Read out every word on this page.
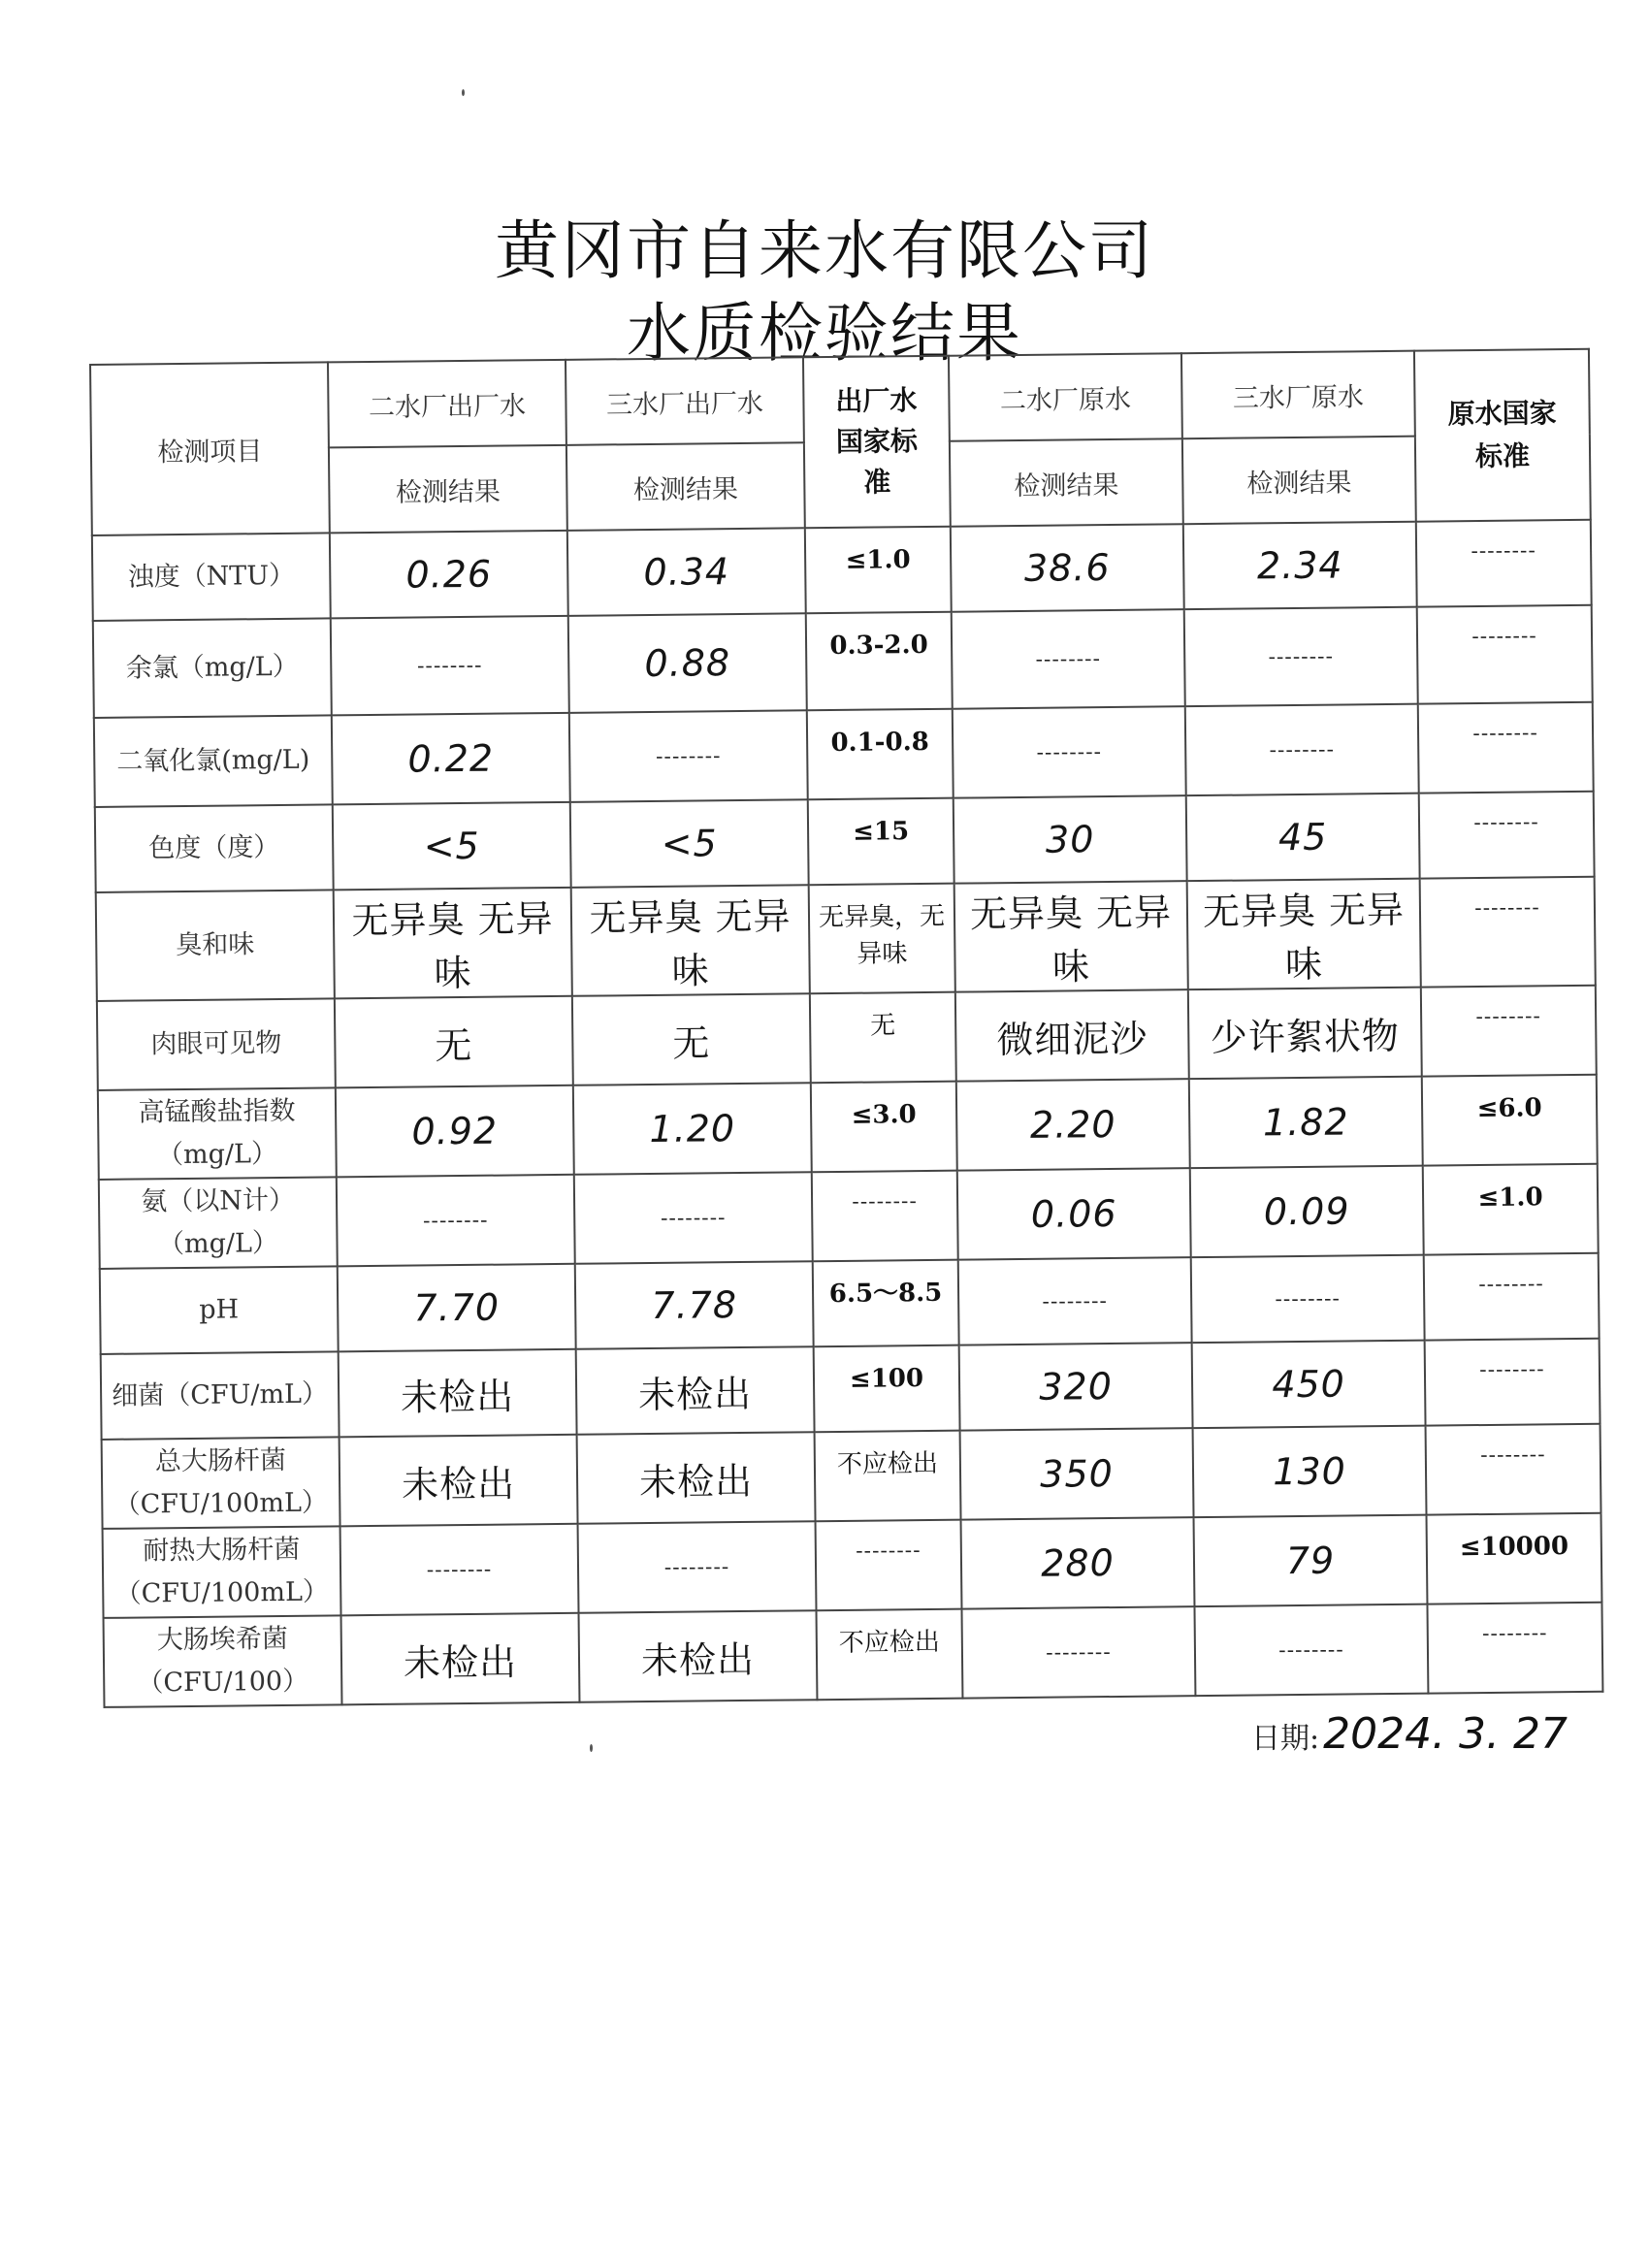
黄冈市自来水有限公司
水质检验结果
检测项目	二水厂出厂水	三水厂出厂水	出厂水国家标准	二水厂原水	三水厂原水	原水国家标准
	检测结果	检测结果		检测结果	检测结果	
浊度（NTU）	0.26	0.34	≤1.0	38.6	2.34	--------
余氯（mg/L）	--------	0.88	0.3-2.0	--------	--------	--------
二氧化氯(mg/L)	0.22	--------	0.1-0.8	--------	--------	--------
色度（度）	<5	<5	≤15	30	45	--------
臭和味	无异臭 无异味	无异臭 无异味	无异臭，无异味	无异臭 无异味	无异臭 无异味	--------
肉眼可见物	无	无	无	微细泥沙	少许絮状物	--------
高锰酸盐指数（mg/L）	0.92	1.20	≤3.0	2.20	1.82	≤6.0
氨（以N计）（mg/L）	--------	--------	--------	0.06	0.09	≤1.0
pH	7.70	7.78	6.5～8.5	--------	--------	--------
细菌（CFU/mL）	未检出	未检出	≤100	320	450	--------
总大肠杆菌（CFU/100mL）	未检出	未检出	不应检出	350	130	--------
耐热大肠杆菌（CFU/100mL）	--------	--------	--------	280	79	≤10000
大肠埃希菌（CFU/100）	未检出	未检出	不应检出	--------	--------	--------
日期:2024. 3. 27
